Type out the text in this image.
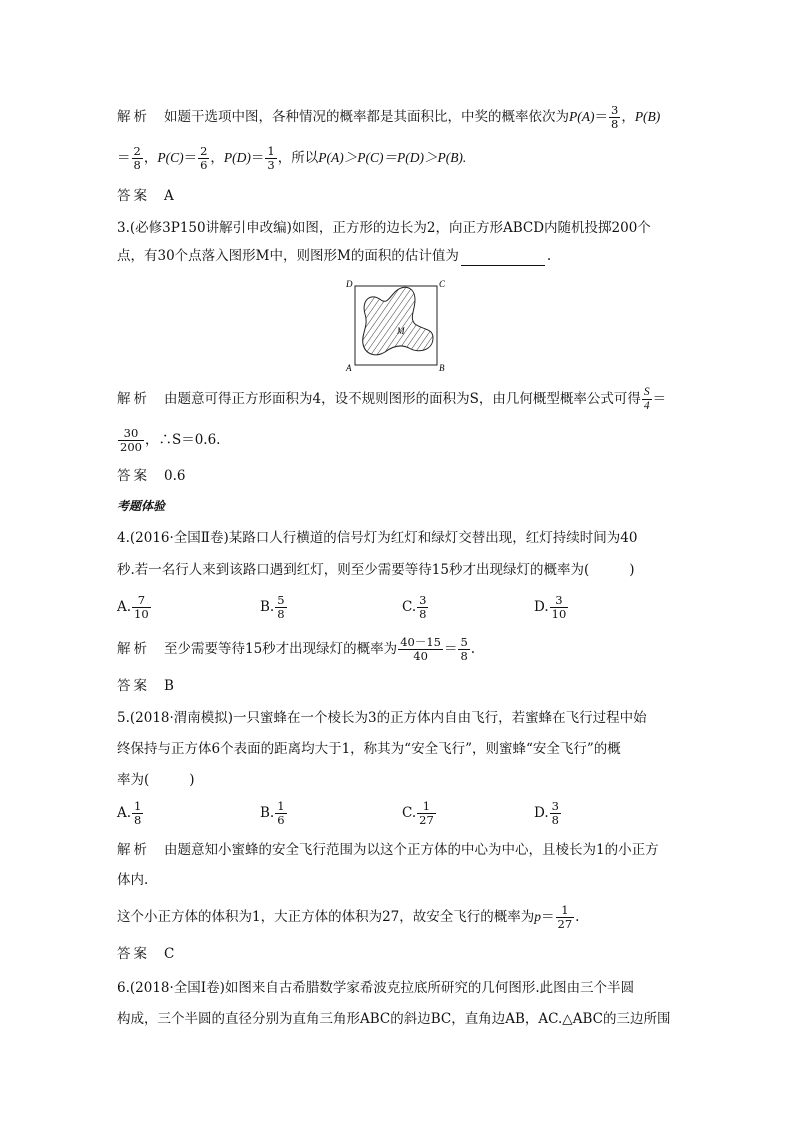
解析 如题干选项中图，各种情况的概率都是其面积比，中奖的概率依次为$P(A)= \frac{3}{8}$ ，P(B)
＝ $\frac{2}{8}$ ，$P(C)= \frac{2}{6}$ ，$P(D)= \frac{1}{3}$ ，所以P(A)＞P(C)＝P(D)＞P(B).
答案 A
3.(必修3P150讲解引申改编)如图，正方形的边长为2，向正方形ABCD内随机投掷200个
点，有30个点落入图形M中，则图形M的面积的估计值为	.
D	C
A	B
M
解析 由题意可得正方形面积为4，设不规则图形的面积为S，由几何概型概率公式可得 $\frac{S}{4}$ ＝
$\frac{30}{200}$ ，∴S＝0.6.
答案 0.6
考题体验
4.(2016·全国Ⅱ卷)某路口人行横道的信号灯为红灯和绿灯交替出现，红灯持续时间为40
秒.若一名行人来到该路口遇到红灯，则至少需要等待15秒才出现绿灯的概率为(	)
A. $\frac{7}{10}$	B. $\frac{5}{8}$	C. $\frac{3}{8}$	D. $\frac{3}{10}$
解析 至少需要等待15秒才出现绿灯的概率为 $\frac{40-15}{40} = \frac{5}{8}$ .
答案 B
5.(2018·渭南模拟)一只蜜蜂在一个棱长为3的正方体内自由飞行，若蜜蜂在飞行过程中始
终保持与正方体6个表面的距离均大于1，称其为“安全飞行”，则蜜蜂“安全飞行”的概
率为(	)
A. $\frac{1}{8}$	B. $\frac{1}{6}$	C. $\frac{1}{27}$	D. $\frac{3}{8}$
解析 由题意知小蜜蜂的安全飞行范围为以这个正方体的中心为中心，且棱长为1的小正方
体内.
这个小正方体的体积为1，大正方体的体积为27，故安全飞行的概率为$p= \frac{1}{27}$ .
答案 C
6.(2018·全国Ⅰ卷)如图来自古希腊数学家希波克拉底所研究的几何图形.此图由三个半圆
构成，三个半圆的直径分别为直角三角形ABC的斜边BC，直角边AB，AC.△ABC的三边所围
